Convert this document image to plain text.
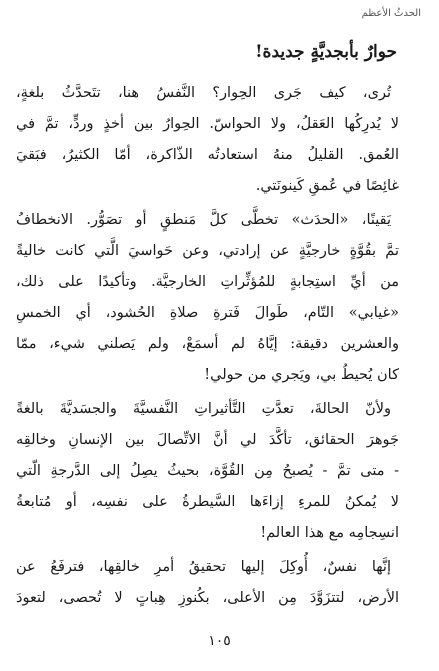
الحدثُ الأعظم
حوارٌ بأبجديَّةٍ جديدة!
تُرى، كيف جَرى الحِوار؟ النَّفسُ هنا، تتَحدَّثُ بلغةٍ،
لا يُدرِكُها العَقلُ، ولا الحواسّ. الحِوارُ بين أخذٍ وردٍّ، تمَّ في
العُمق. القليلُ منهُ استعادتُه الذّاكرة، أمّا الكثيرُ، فبَقيَ
غائِصًا في عُمقِ كَينونَتي.
يَقينًا، «الحدَث» تخطَّى كلَّ مَنطقٍ أو تصَوُّر. الانخطافُ
تمَّ بقُوَّةٍ خارجيَّةٍ عن إرادتي، وعن حَواسيَ الَّتي كانت خاليةً
من أيِّ استِجابةٍ للمُؤثِّراتِ الخارجيَّة. وتأكيدًا على ذلك،
«غيابي» التّام، طَوالَ فَترةِ صلاةِ الحُشود، أي الخمسِ
والعشرين دقيقة: إيَّاهُ لم أسمَعْ، ولم يَصلني شيء، ممّا
كان يُحيطُ بي، ويَجري من حولي!
ولأنّ الحالةَ، تعدَّتِ التَّأثيراتِ النَّفسيَّةَ والجسَديَّةَ بالغةً
جَوهرَ الحقائق، تأكَّدَ لي أنَّ الاتِّصالَ بين الإنسانِ وخالقِه
- متى تمَّ - يُصبحُ مِن القُوَّة، بحيثُ يصِلُ إلى الدَّرجةِ الّتي
لا يُمكنُ للمرءِ إزاءَها السَّيطرةُ على نفسِه، أو مُتابعةُ
انسِجامِه مع هذا العالم!
إنَّها نفسٌ، أُوكِلَ إليها تحقيقُ أمرِ خالقِها، فترفَعُ عن
الأرض، لتتزَوَّدَ مِن الأعلى، بكُنوزِ هِباتٍ لا تُحصى، لتعودَ
١٠٥
